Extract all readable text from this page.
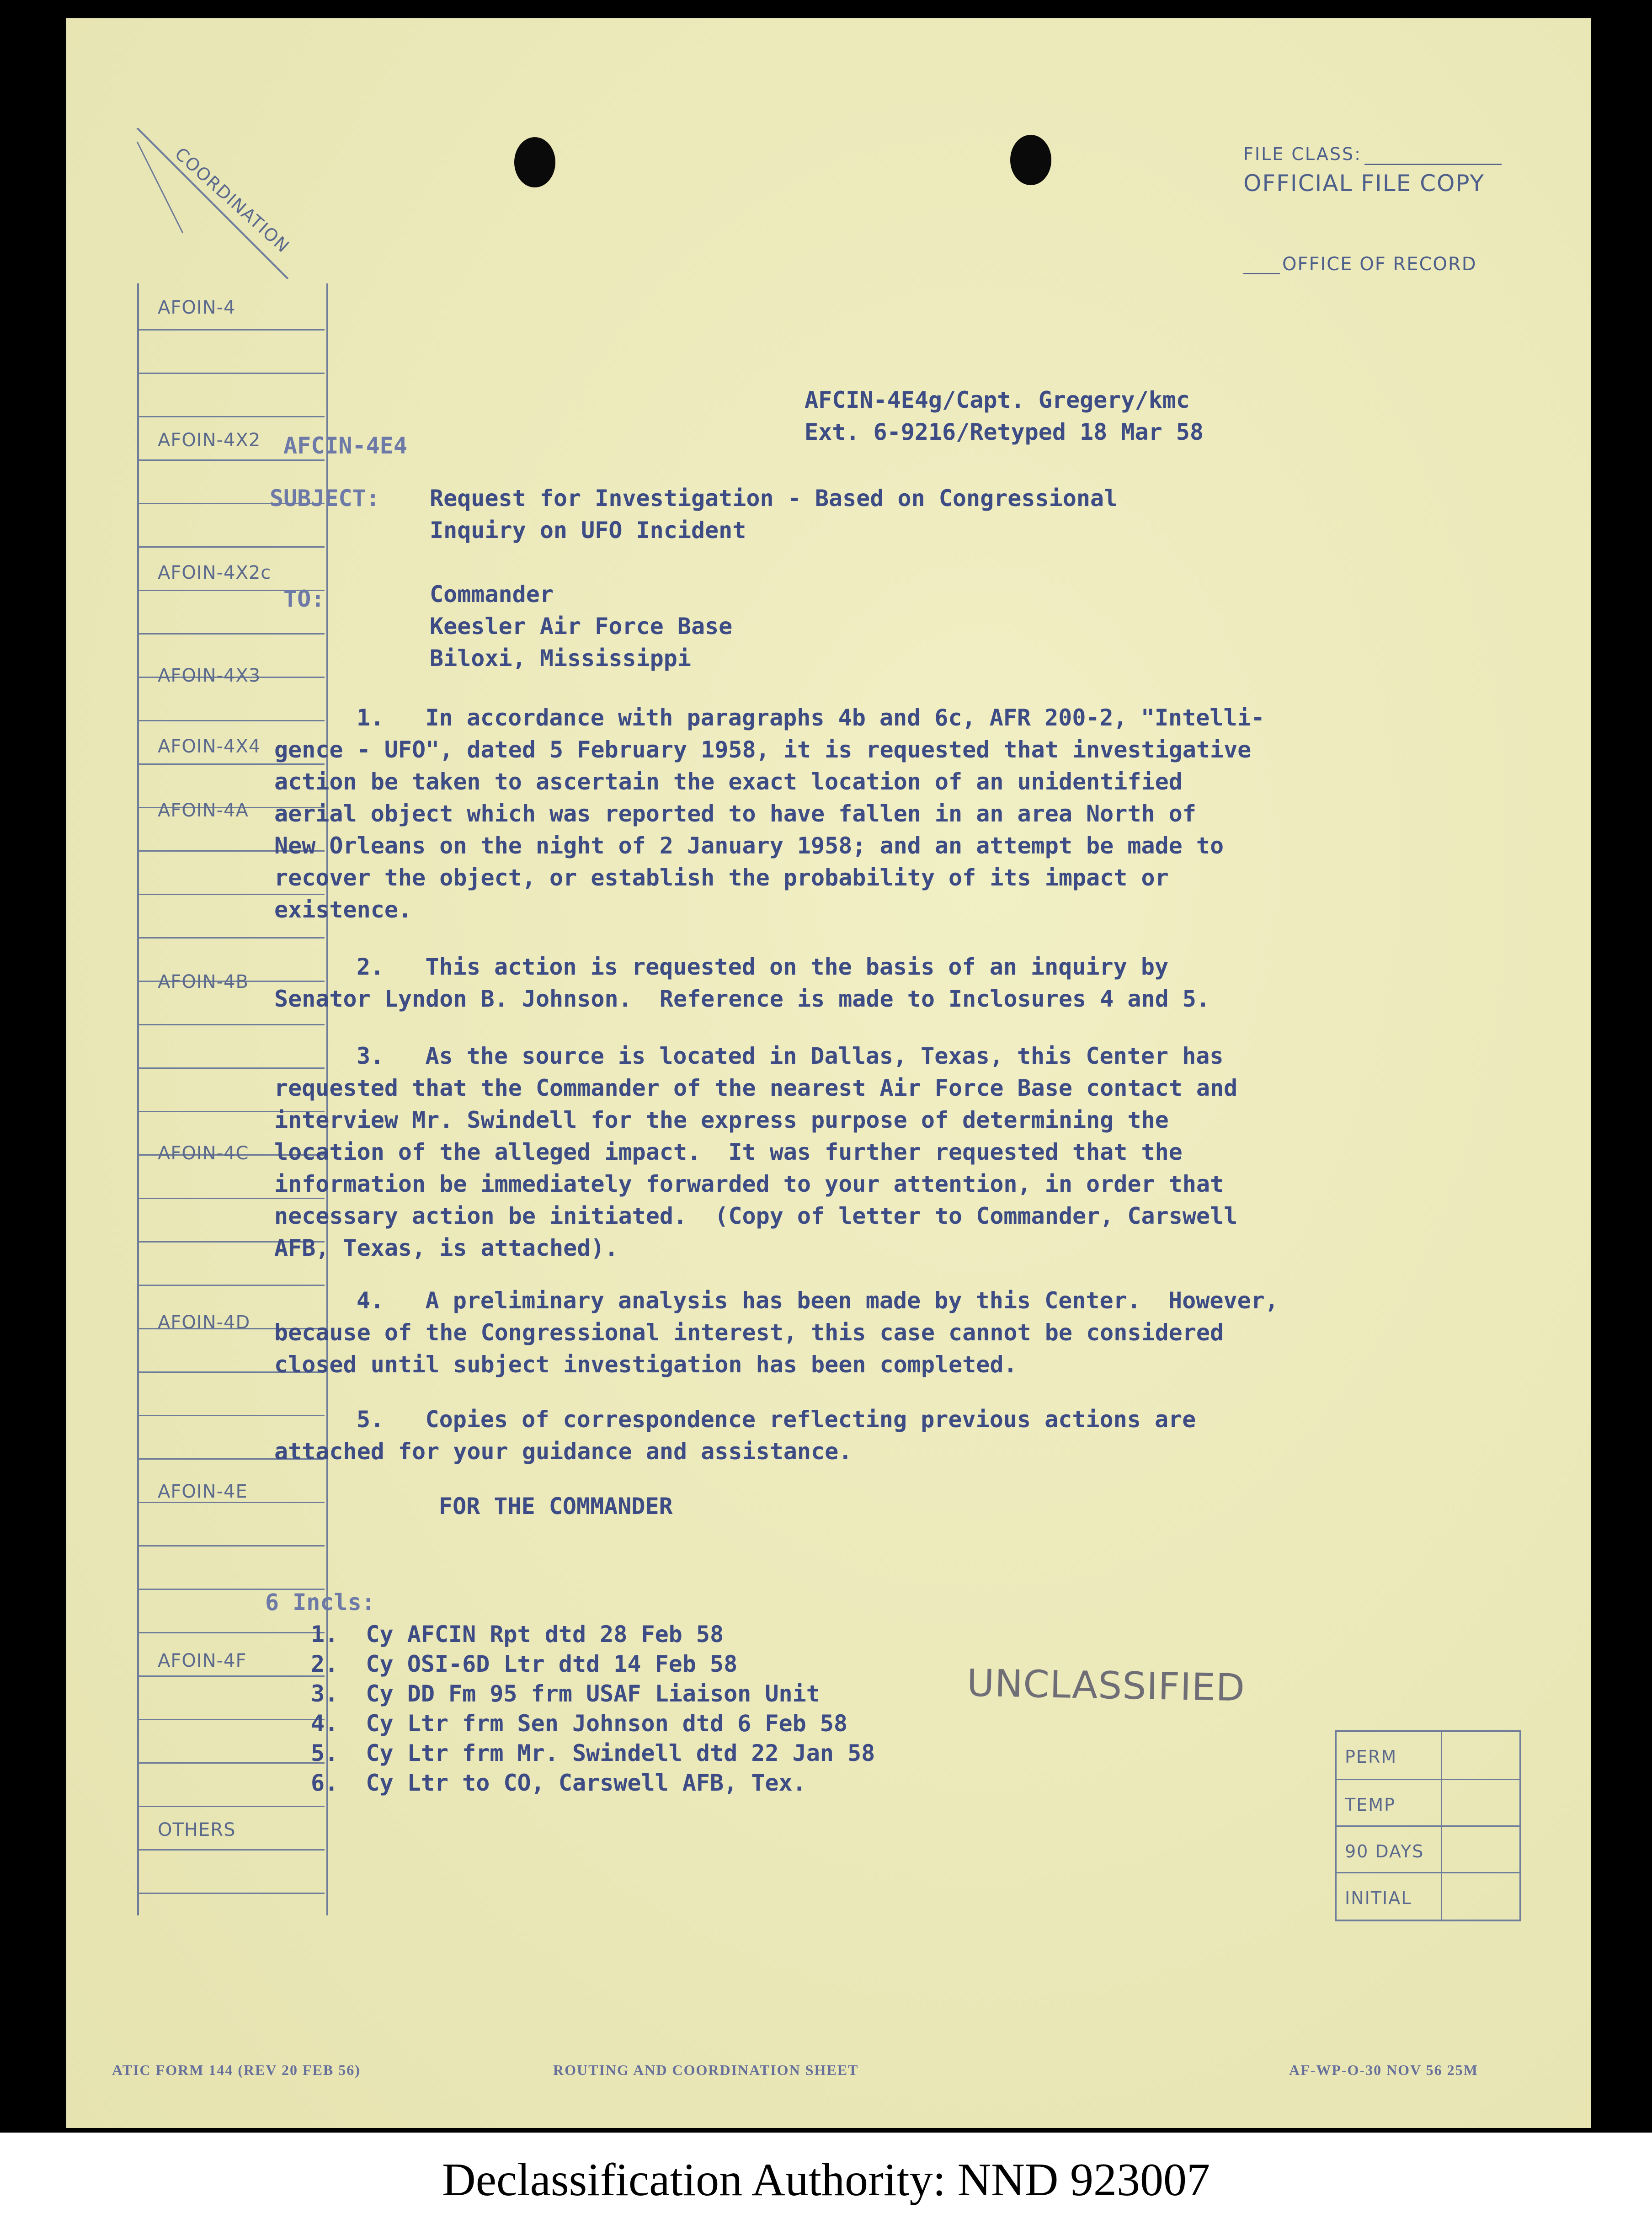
FILE CLASS:
OFFICIAL FILE COPY
OFFICE OF RECORD
COORDINATION
AFOIN-4
AFOIN-4X2
AFOIN-4X2c
AFOIN-4X3
AFOIN-4X4
AFOIN-4A
AFOIN-4B
AFOIN-4C
AFOIN-4D
AFOIN-4E
AFOIN-4F
OTHERS
AFCIN-4E4g/Capt. Gregery/kmc
Ext. 6-9216/Retyped 18 Mar 58
AFCIN-4E4
SUBJECT: Request for Investigation - Based on Congressional
Inquiry on UFO Incident
TO:	Commander
Keesler Air Force Base
Biloxi, Mississippi
1.   In accordance with paragraphs 4b and 6c, AFR 200-2, "Intelli-
gence - UFO", dated 5 February 1958, it is requested that investigative
action be taken to ascertain the exact location of an unidentified
aerial object which was reported to have fallen in an area North of
New Orleans on the night of 2 January 1958; and an attempt be made to
recover the object, or establish the probability of its impact or
existence.
2.   This action is requested on the basis of an inquiry by
Senator Lyndon B. Johnson.  Reference is made to Inclosures 4 and 5.
3.   As the source is located in Dallas, Texas, this Center has
requested that the Commander of the nearest Air Force Base contact and
interview Mr. Swindell for the express purpose of determining the
location of the alleged impact.  It was further requested that the
information be immediately forwarded to your attention, in order that
necessary action be initiated.  (Copy of letter to Commander, Carswell
AFB, Texas, is attached).
4.   A preliminary analysis has been made by this Center.  However,
because of the Congressional interest, this case cannot be considered
closed until subject investigation has been completed.
5.   Copies of correspondence reflecting previous actions are
attached for your guidance and assistance.
FOR THE COMMANDER
6 Incls:
1.  Cy AFCIN Rpt dtd 28 Feb 58
2.  Cy OSI-6D Ltr dtd 14 Feb 58
3.  Cy DD Fm 95 frm USAF Liaison Unit
4.  Cy Ltr frm Sen Johnson dtd 6 Feb 58
5.  Cy Ltr frm Mr. Swindell dtd 22 Jan 58
6.  Cy Ltr to CO, Carswell AFB, Tex.
UNCLASSIFIED
PERM
TEMP
90 DAYS
INITIAL
ATIC FORM 144 (REV 20 FEB 56)	ROUTING AND COORDINATION SHEET	AF-WP-O-30 NOV 56 25M
Declassification Authority: NND 923007
